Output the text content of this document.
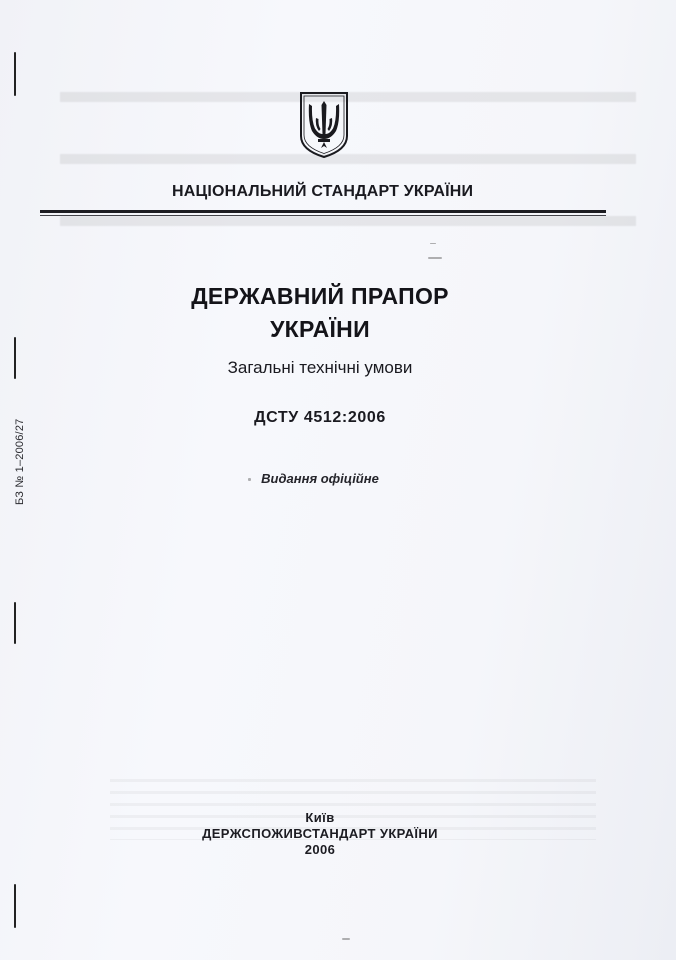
БЗ № 1–2006/27
НАЦІОНАЛЬНИЙ СТАНДАРТ УКРАЇНИ
ДЕРЖАВНИЙ ПРАПОР
УКРАЇНИ
Загальні технічні умови
ДСТУ 4512:2006
Видання офіційне
Київ
ДЕРЖСПОЖИВСТАНДАРТ УКРАЇНИ
2006
